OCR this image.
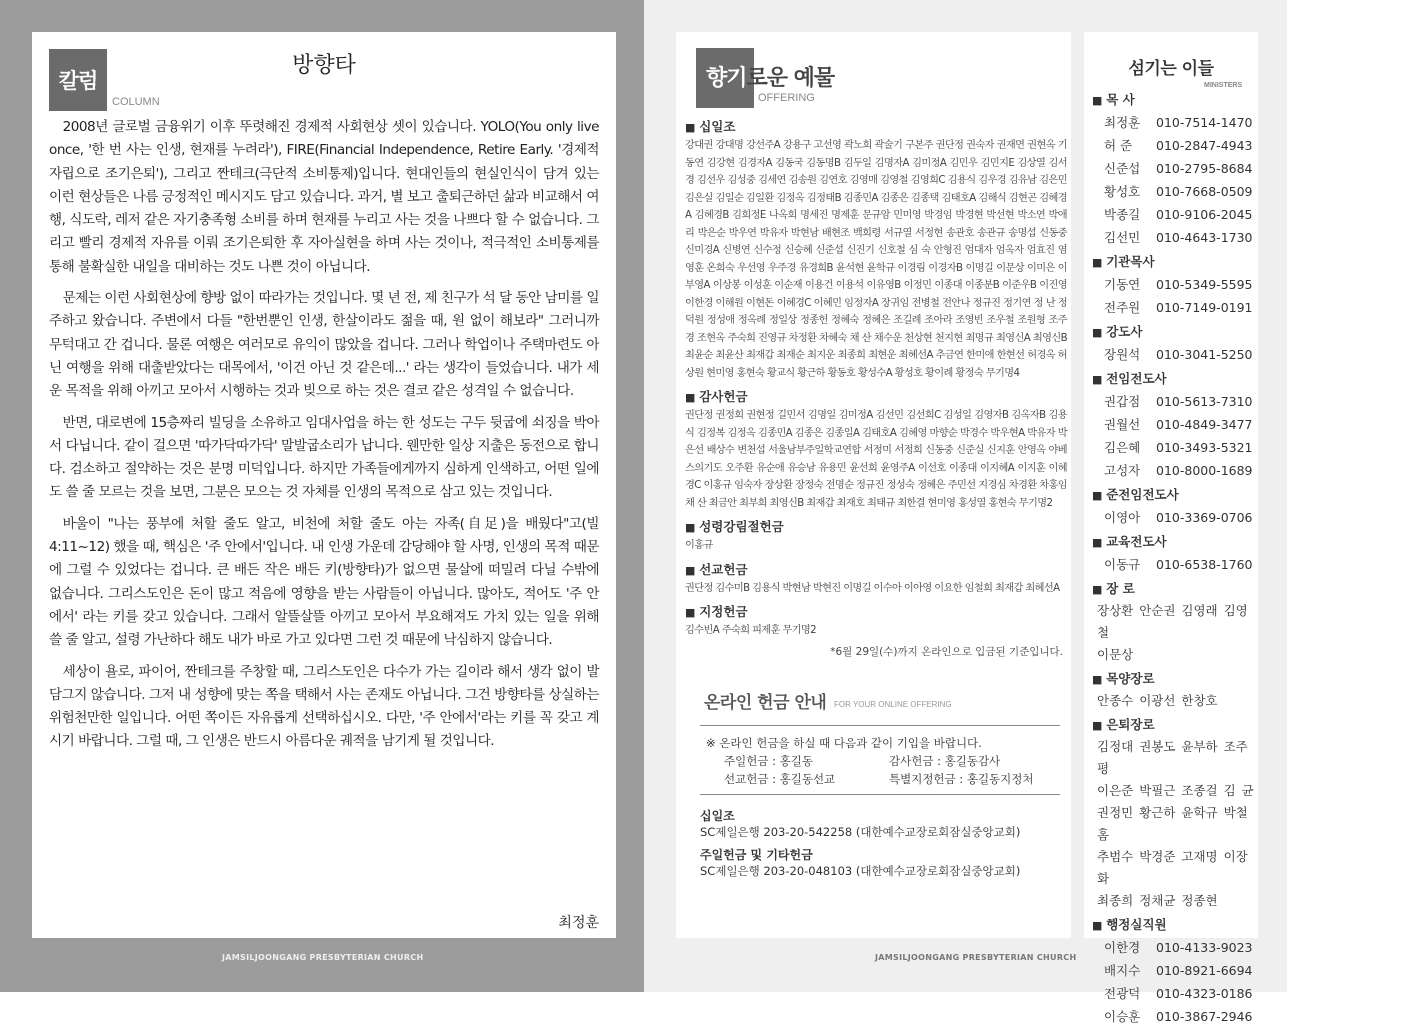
칼럼
COLUMN
방향타

2008년 글로벌 금융위기 이후 뚜렷해진 경제적 사회현상 셋이 있습니다. YOLO(You only live once, '한 번 사는 인생, 현재를 누려라'), FIRE(Financial Independence, Retire Early. '경제적 자립으로 조기은퇴'), 그리고 짠테크(극단적 소비통제)입니다. 현대인들의 현실인식이 담겨 있는 이런 현상들은 나름 긍정적인 메시지도 담고 있습니다. 과거, 별 보고 출퇴근하던 삶과 비교해서 여행, 식도락, 레저 같은 자기충족형 소비를 하며 현재를 누리고 사는 것을 나쁘다 할 수 없습니다. 그리고 빨리 경제적 자유를 이뤄 조기은퇴한 후 자아실현을 하며 사는 것이나, 적극적인 소비통제를 통해 불확실한 내일을 대비하는 것도 나쁜 것이 아닙니다.

문제는 이런 사회현상에 향방 없이 따라가는 것입니다. 몇 년 전, 제 친구가 석 달 동안 남미를 일주하고 왔습니다. 주변에서 다들 "한번뿐인 인생, 한살이라도 젊을 때, 원 없이 해보라" 그러니까 무턱대고 간 겁니다. 물론 여행은 여러모로 유익이 많았을 겁니다. 그러나 학업이나 주택마련도 아닌 여행을 위해 대출받았다는 대목에서, '이건 아닌 것 같은데...' 라는 생각이 들었습니다. 내가 세운 목적을 위해 아끼고 모아서 시행하는 것과 빚으로 하는 것은 결코 같은 성격일 수 없습니다.

반면, 대로변에 15층짜리 빌딩을 소유하고 임대사업을 하는 한 성도는 구두 뒷굽에 쇠징을 박아서 다닙니다. 같이 걸으면 '따가닥따가닥' 말발굽소리가 납니다. 웬만한 일상 지출은 동전으로 합니다. 검소하고 절약하는 것은 분명 미덕입니다. 하지만 가족들에게까지 심하게 인색하고, 어떤 일에도 쓸 줄 모르는 것을 보면, 그분은 모으는 것 자체를 인생의 목적으로 삼고 있는 것입니다.

바울이 "나는 풍부에 처할 줄도 알고, 비천에 처할 줄도 아는 자족(自足)을 배웠다"고(빌 4:11~12) 했을 때, 핵심은 '주 안에서'입니다. 내 인생 가운데 감당해야 할 사명, 인생의 목적 때문에 그럴 수 있었다는 겁니다. 큰 배든 작은 배든 키(방향타)가 없으면 물살에 떠밀려 다닐 수밖에 없습니다. 그리스도인은 돈이 많고 적음에 영향을 받는 사람들이 아닙니다. 많아도, 적어도 '주 안에서' 라는 키를 갖고 있습니다. 그래서 알뜰살뜰 아끼고 모아서 부요해져도 가치 있는 일을 위해 쓸 줄 알고, 설령 가난하다 해도 내가 바로 가고 있다면 그런 것 때문에 낙심하지 않습니다.

세상이 욜로, 파이어, 짠테크를 주창할 때, 그리스도인은 다수가 가는 길이라 해서 생각 없이 발 담그지 않습니다. 그저 내 성향에 맞는 쪽을 택해서 사는 존재도 아닙니다. 그건 방향타를 상실하는 위험천만한 일입니다. 어떤 쪽이든 자유롭게 선택하십시오. 다만, '주 안에서'라는 키를 꼭 갖고 계시기 바랍니다. 그럴 때, 그 인생은 반드시 아름다운 궤적을 남기게 될 것입니다.

최정훈
향기로운 예물
OFFERING
■ 십일조
강대권 강대명 강선주A 강용구 고선영 곽노희 곽술기 구본주 권단정 권숙자 권재면 권현옥 기동연 김강현 김경자A 김동국 김동명B 김두일 김명자A 김미정A 김민우 김민지E 김상열 김서경 김선우 김성중 김세연 김송원 김연호 김영매 김영철 김영희C 김용식 김우경 김유남 김은민 김은실 김일순 김일환 김정옥 김정태B 김종민A 김종은 김종택 김태호A 김해식 김현곤 김혜경A 김혜경B 김희정E 나옥희 명세진 명제훈 문규암 민미영 박경임 박경현 박선현 박소연 박애리 박은순 박우연 박유자 박현남 배현조 백희령 서규열 서정현 송관호 송관규 송명섭 신동중 신미경A 신병연 신수정 신승혜 신준섭 신진기 신호철 심 숙 안형진 엄대자 엄옥자 엄효진 염영훈 온희숙 우선영 우주경 유경희B 윤석현 윤학규 이경림 이경자B 이명길 이문상 이미은 이부영A 이상봉 이성훈 이순재 이용건 이용석 이유영B 이정민 이종대 이종분B 이준우B 이진영 이한경 이해원 이현돈 이혜경C 이혜민 임정자A 장귀임 전병철 전안나 정규진 정기연 정 난 정덕원 정성애 정옥례 정일상 정종헌 정혜숙 정혜은 조길례 조아라 조영빈 조우철 조원형 조주경 조현옥 주숙희 진영규 차정환 차혜숙 채 산 채수운 천상현 천지현 최명규 최영신A 최영신B 최윤순 최윤산 최재갑 최재순 최지운 최종희 최현운 최혜선A 추금연 한미애 한현선 허경옥 허상원 현미영 홍현숙 황교식 황근하 황동호 황성수A 황성호 황이례 황정숙 무기명4
■ 감사헌금
권단정 권정희 권현정 길민서 김명일 김미정A 김선민 김선희C 김성일 김영자B 김옥자B 김용식 김정복 김정옥 김종민A 김종은 김종일A 김태호A 김혜영 마향순 박경수 박우현A 박유자 박은선 배상수 변천섭 서울남부주일학교연합 서정미 서정희 신동중 신준실 신지훈 안영옥 야베스의기도 오주환 유순애 유승남 유용민 윤선희 윤영주A 이선호 이종대 이지혜A 이지훈 이혜경C 이홍규 임숙자 장상환 장정숙 전명순 정규진 정성숙 정혜은 주민선 지경심 차경환 차홍임 채 산 최금안 최부희 최영신B 최재갑 최재호 최태규 최한결 현미영 홍성열 홍현숙 무기명2
■ 성령강림절헌금
이홍규
■ 선교헌금
권단정 김수미B 김용식 박현남 박현진 이명길 이수아 이아영 이요한 임철희 최재갑 최혜선A
■ 지정헌금
김수빈A 주숙희 피제훈 무기명2
*6월 29일(수)까지 온라인으로 입금된 기준입니다.
온라인 헌금 안내 FOR YOUR ONLINE OFFERING
※ 온라인 헌금을 하실 때 다음과 같이 기입을 바랍니다.
주일헌금 : 홍길동	감사헌금 : 홍길동감사
선교헌금 : 홍길동선교	특별지정헌금 : 홍길동지정처
십일조
SC제일은행 203-20-542258 (대한예수교장로회잠실중앙교회)
주일헌금 및 기타헌금
SC제일은행 203-20-048103 (대한예수교장로회잠실중앙교회)
섬기는 이들
MINISTERS
■ 목 사
최정훈	010-7514-1470
허 준	010-2847-4943
신준섭	010-2795-8684
황성호	010-7668-0509
박종길	010-9106-2045
김선민	010-4643-1730
■ 기관목사
기동연	010-5349-5595
전주원	010-7149-0191
■ 강도사
장원석	010-3041-5250
■ 전임전도사
권갑점	010-5613-7310
권월선	010-4849-3477
김은혜	010-3493-5321
고성자	010-8000-1689
■ 준전임전도사
이영아	010-3369-0706
■ 교육전도사
이동규	010-6538-1760
■ 장 로
장상환 안순권 김영래 김영철
이문상
■ 목양장로
안종수 이광선 한창호
■ 은퇴장로
김정대 권봉도 윤부하 조주평
이은준 박필근 조종걸 김 균
권정민 황근하 윤학규 박철홈
추범수 박경준 고재명 이장화
최종희 정채균 정종현
■ 행정실직원
이한경	010-4133-9023
배지수	010-8921-6694
전광덕	010-4323-0186
이승훈	010-3867-2946
JAMSILJOONGANG PRESBYTERIAN CHURCH	JAMSILJOONGANG PRESBYTERIAN CHURCH
